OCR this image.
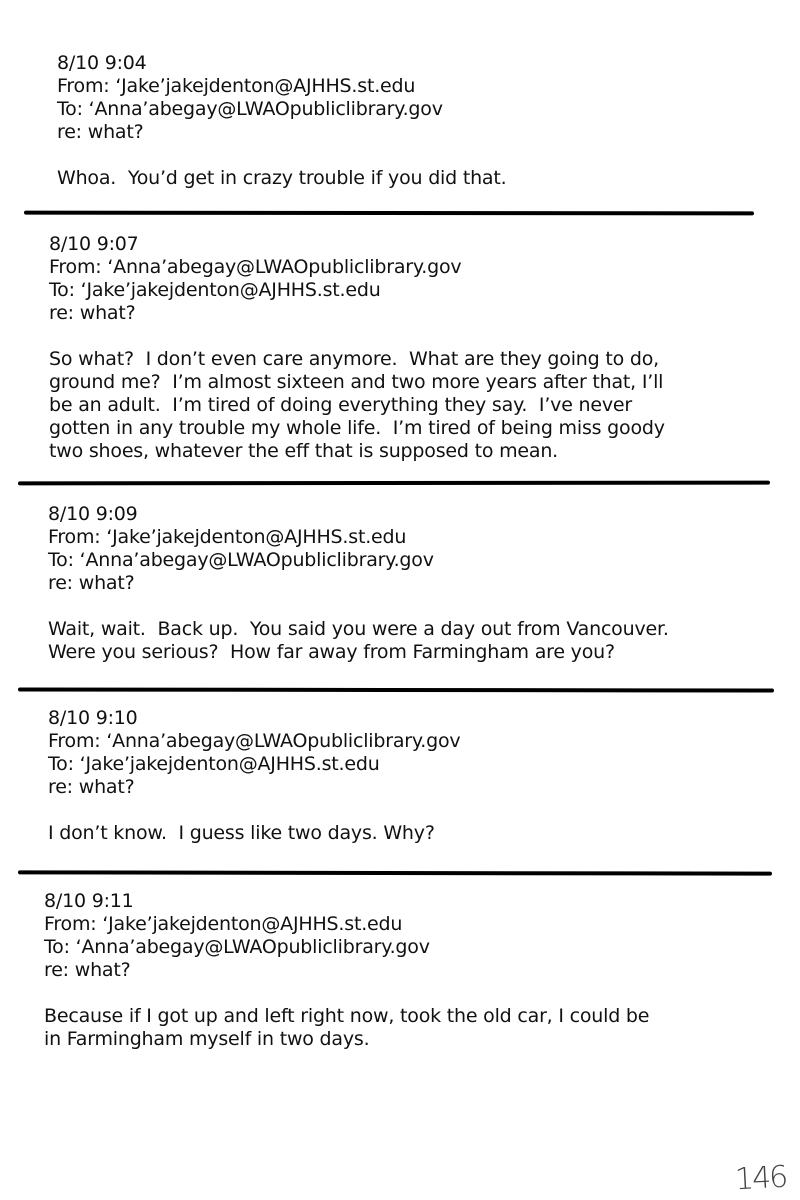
8/10 9:04
From: ‘Jake’jakejdenton@AJHHS.st.edu
To: ‘Anna’abegay@LWAOpubliclibrary.gov
re: what?
Whoa.  You’d get in crazy trouble if you did that.
8/10 9:07
From: ‘Anna’abegay@LWAOpubliclibrary.gov
To: ‘Jake’jakejdenton@AJHHS.st.edu
re: what?
So what?  I don’t even care anymore.  What are they going to do,
ground me?  I’m almost sixteen and two more years after that, I’ll
be an adult.  I’m tired of doing everything they say.  I’ve never
gotten in any trouble my whole life.  I’m tired of being miss goody
two shoes, whatever the eff that is supposed to mean.
8/10 9:09
From: ‘Jake’jakejdenton@AJHHS.st.edu
To: ‘Anna’abegay@LWAOpubliclibrary.gov
re: what?
Wait, wait.  Back up.  You said you were a day out from Vancouver.
Were you serious?  How far away from Farmingham are you?
8/10 9:10
From: ‘Anna’abegay@LWAOpubliclibrary.gov
To: ‘Jake’jakejdenton@AJHHS.st.edu
re: what?
I don’t know.  I guess like two days. Why?
8/10 9:11
From: ‘Jake’jakejdenton@AJHHS.st.edu
To: ‘Anna’abegay@LWAOpubliclibrary.gov
re: what?
Because if I got up and left right now, took the old car, I could be
in Farmingham myself in two days.
146
